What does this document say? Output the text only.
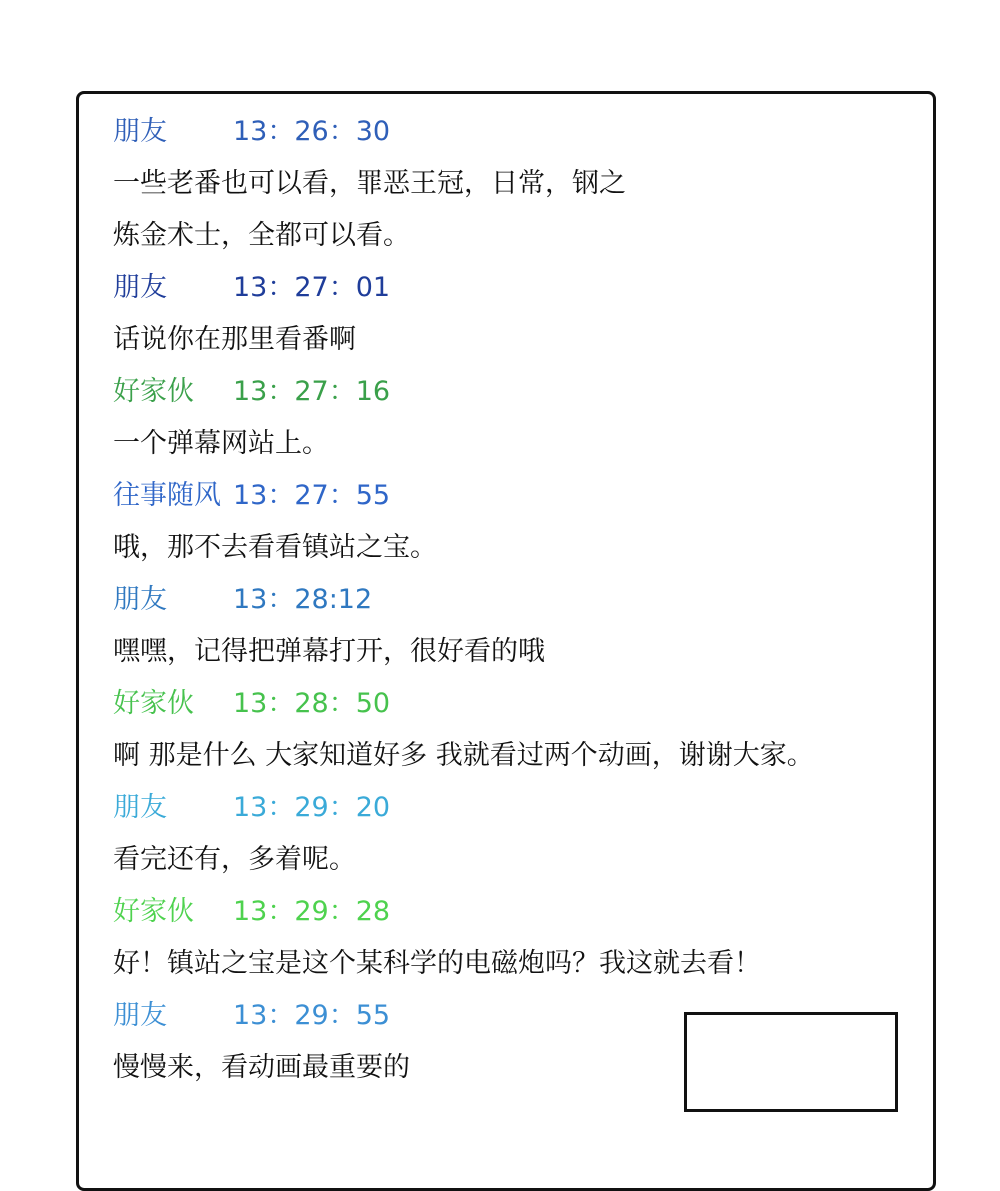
朋友 13：26：30
一些老番也可以看，罪恶王冠，日常，钢之
炼金术士，全都可以看。
朋友 13：27：01
话说你在那里看番啊
好家伙 13：27：16
一个弹幕网站上。
往事随风 13：27：55
哦，那不去看看镇站之宝。
朋友 13：28:12
嘿嘿，记得把弹幕打开，很好看的哦
好家伙 13：28：50
啊 那是什么 大家知道好多 我就看过两个动画，谢谢大家。
朋友 13：29：20
看完还有，多着呢。
好家伙 13：29：28
好！镇站之宝是这个某科学的电磁炮吗？我这就去看！
朋友 13：29：55
慢慢来，看动画最重要的
